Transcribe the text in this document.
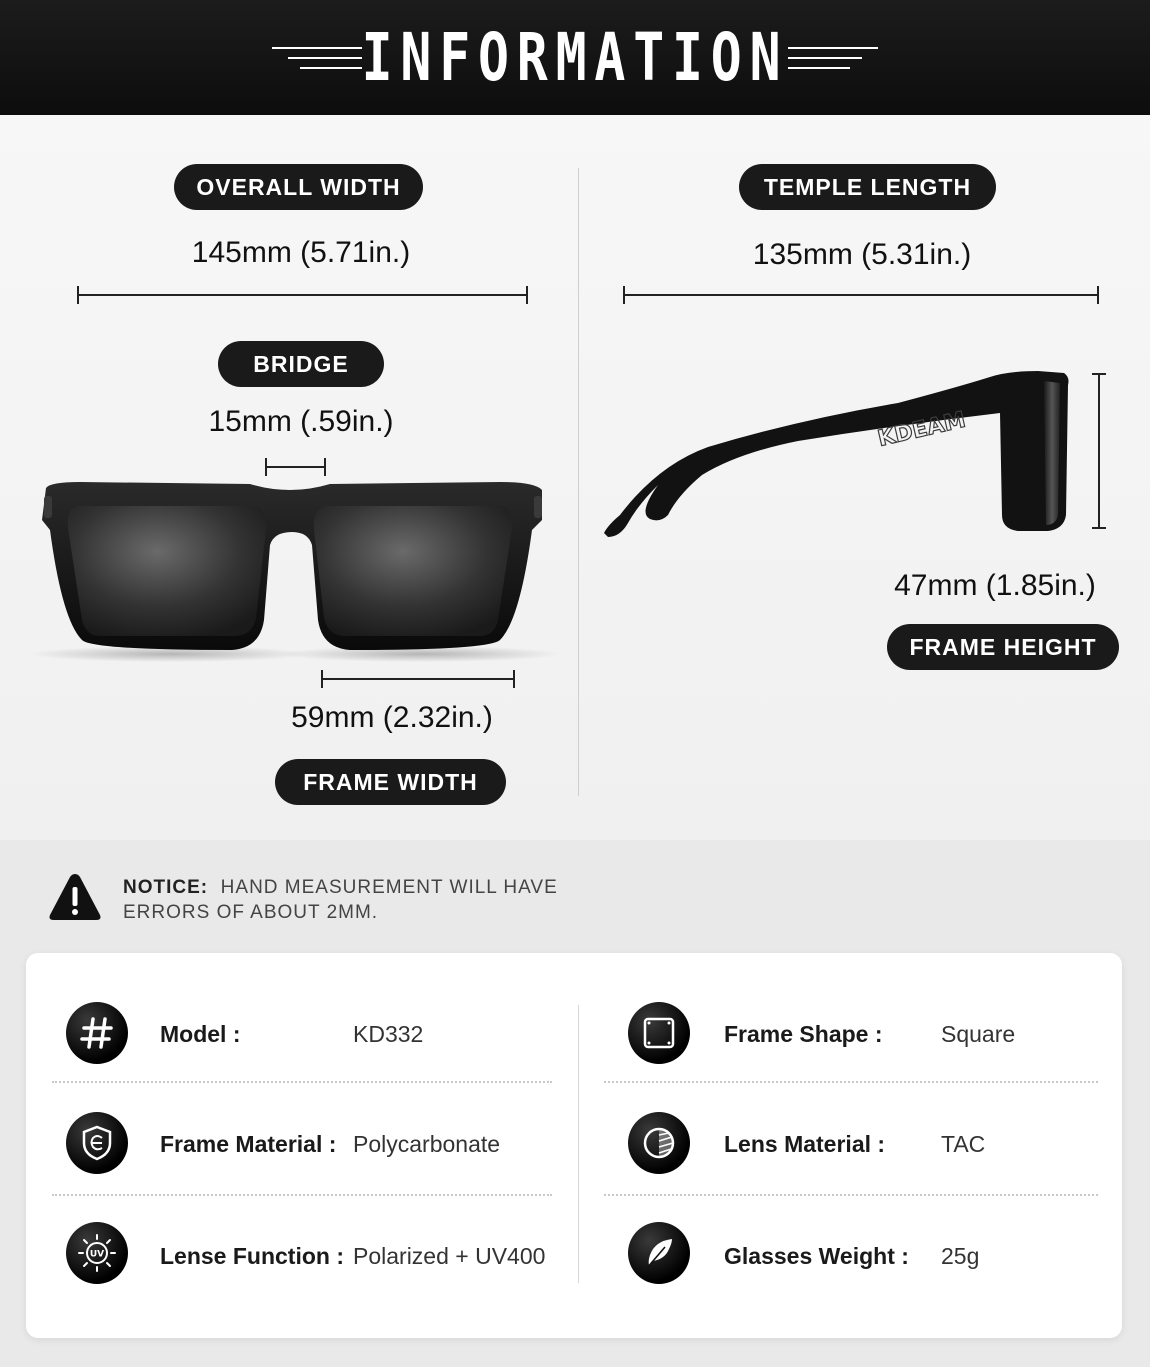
INFORMATION
OVERALL WIDTH
145mm (5.71in.)
TEMPLE LENGTH
135mm (5.31in.)
BRIDGE
15mm (.59in.)
59mm (2.32in.)
FRAME WIDTH
KDEAM
47mm (1.85in.)
FRAME HEIGHT
NOTICE: HAND MEASUREMENT WILL HAVE
ERRORS OF ABOUT 2MM.
Model :	KD332	Frame Shape :	Square
Frame Material : Polycarbonate	Lens Material : TAC
UV Lense Function : Polarized + UV400	Glasses Weight : 25g
